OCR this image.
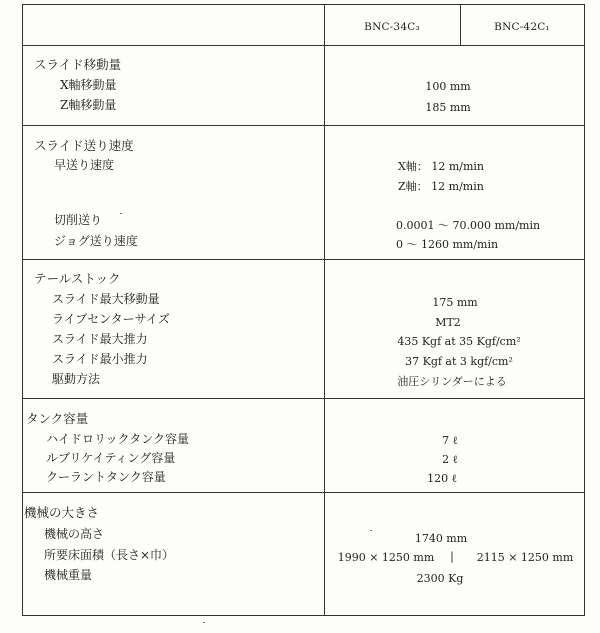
BNC-34C₃	BNC-42C₁
スライド移動量
X軸移動量	100 mm
Z軸移動量	185 mm
スライド送り速度
早送り速度	X軸： 12 m/min
Z軸： 12 m/min
切削送り	0.0001 ～ 70.000 mm/min
ジョグ送り速度	0 ～ 1260 mm/min
テールストック
スライド最大移動量	175 mm
ライブセンターサイズ	MT2
スライド最大推力	435 Kgf at 35 Kgf/cm²
スライド最小推力	37 Kgf at 3 kgf/cm²
駆動方法	油圧シリンダーによる
タンク容量
ハイドロリックタンク容量	7 ℓ
ルブリケイティング容量	2 ℓ
クーラントタンク容量	120 ℓ
機械の大きさ
機械の高さ	1740 mm
所要床面積（長さ×巾）	1990 × 1250 mm | 2115 × 1250 mm
機械重量	2300 Kg
